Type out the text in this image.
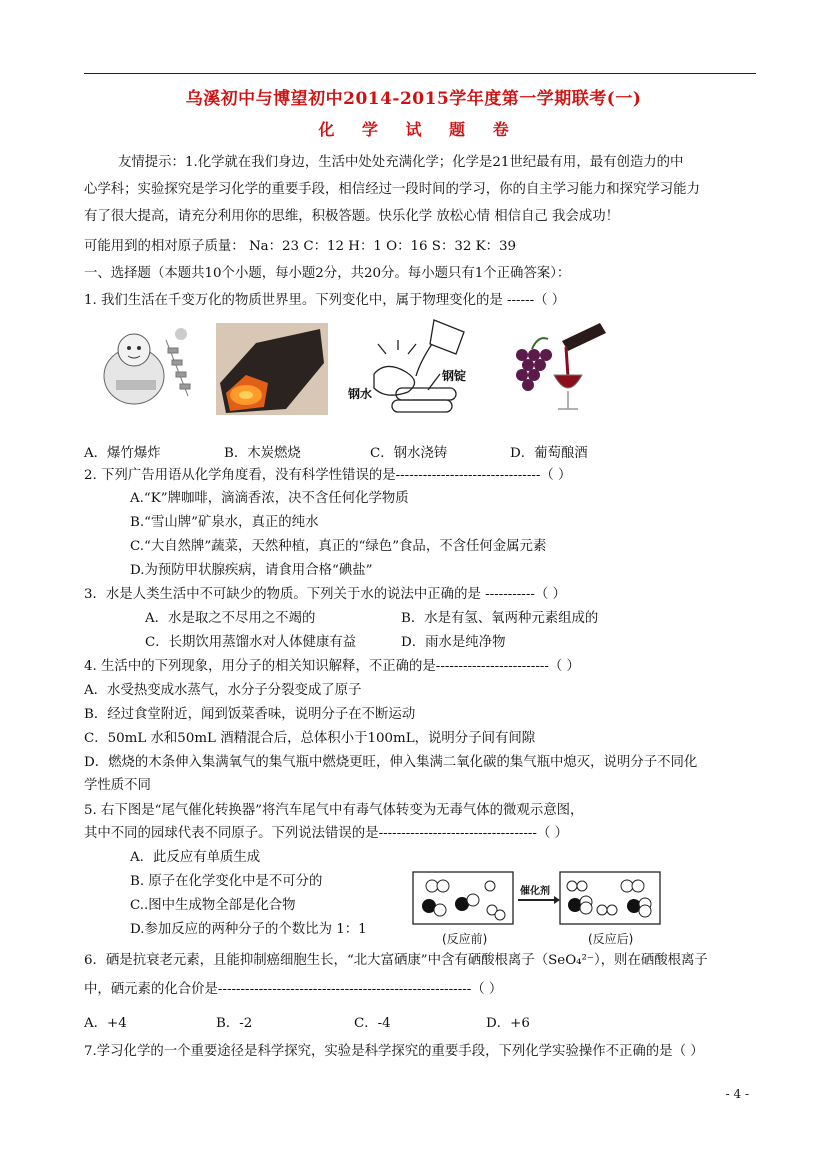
乌溪初中与博望初中2014-2015学年度第一学期联考(一)
化 学 试 题 卷
友情提示：1.化学就在我们身边，生活中处处充满化学；化学是21世纪最有用，最有创造力的中
心学科；实验探究是学习化学的重要手段，相信经过一段时间的学习，你的自主学习能力和探究学习能力
有了很大提高，请充分利用你的思维，积极答题。快乐化学 放松心情 相信自己 我会成功！
可能用到的相对原子质量： Na：23 C：12 H：1 O：16 S：32 K：39
一、选择题（本题共10个小题，每小题2分，共20分。每小题只有1个正确答案）：
1. 我们生活在千变万化的物质世界里。下列变化中，属于物理变化的是 ------（ ）
钢水
钢锭
A．爆竹爆炸	B．木炭燃烧	C．钢水浇铸	D．葡萄酿酒
2. 下列广告用语从化学角度看，没有科学性错误的是--------------------------------（ ）
A.“K”牌咖啡，滴滴香浓，决不含任何化学物质
B.“雪山牌”矿泉水，真正的纯水
C.“大自然牌”蔬菜，天然种植，真正的“绿色”食品，不含任何金属元素
D.为预防甲状腺疾病，请食用合格“碘盐”
3．水是人类生活中不可缺少的物质。下列关于水的说法中正确的是 -----------（ ）
A．水是取之不尽用之不竭的	B．水是有氢、氧两种元素组成的
C．长期饮用蒸馏水对人体健康有益	D．雨水是纯净物
4. 生活中的下列现象，用分子的相关知识解释，不正确的是-------------------------（ ）
A．水受热变成水蒸气，水分子分裂变成了原子
B．经过食堂附近，闻到饭菜香味，说明分子在不断运动
C．50mL 水和50mL 酒精混合后，总体积小于100mL，说明分子间有间隙
D．燃烧的木条伸入集满氧气的集气瓶中燃烧更旺，伸入集满二氧化碳的集气瓶中熄灭，说明分子不同化
学性质不同
5. 右下图是“尾气催化转换器”将汽车尾气中有毒气体转变为无毒气体的微观示意图，
其中不同的园球代表不同原子。下列说法错误的是-----------------------------------（ ）
A．此反应有单质生成
B. 原子在化学变化中是不可分的
C..图中生成物全部是化合物
D.参加反应的两种分子的个数比为 1：1
催化剂
(反应前)	(反应后)
6．硒是抗衰老元素，且能抑制癌细胞生长，“北大富硒康”中含有硒酸根离子（SeO₄²⁻），则在硒酸根离子
中，硒元素的化合价是--------------------------------------------------------（ ）
A．+4	B．-2	C．-4	D．+6
7.学习化学的一个重要途径是科学探究，实验是科学探究的重要手段，下列化学实验操作不正确的是（ ）
- 4 -
